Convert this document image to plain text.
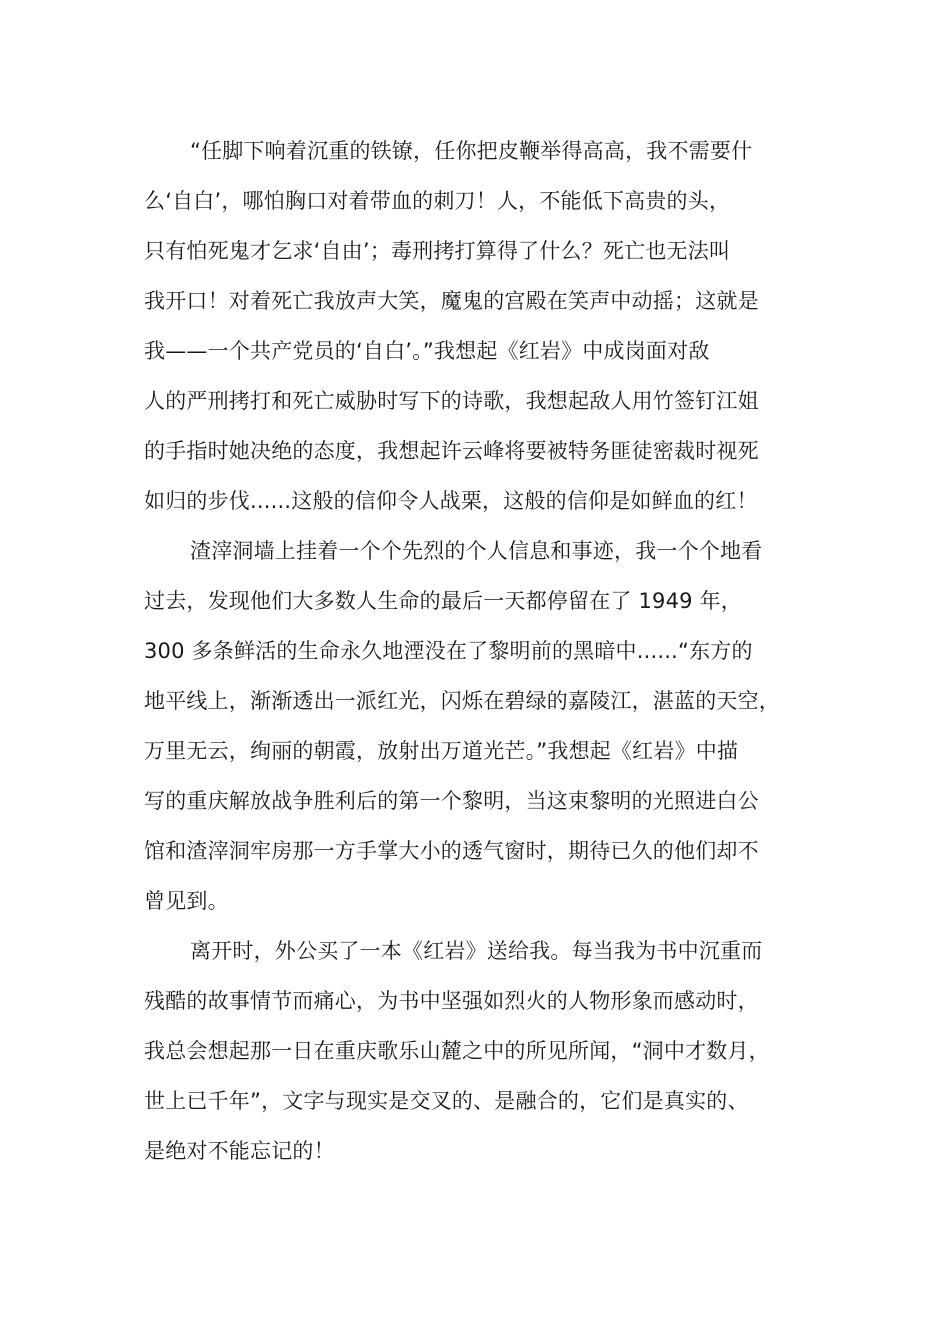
“任脚下响着沉重的铁镣，任你把皮鞭举得高高，我不需要什
么‘自白’，哪怕胸口对着带血的刺刀！人，不能低下高贵的头，
只有怕死鬼才乞求‘自由’；毒刑拷打算得了什么？死亡也无法叫
我开口！对着死亡我放声大笑，魔鬼的宫殿在笑声中动摇；这就是
我——一个共产党员的‘自白’。”我想起《红岩》中成岗面对敌
人的严刑拷打和死亡威胁时写下的诗歌，我想起敌人用竹签钉江姐
的手指时她决绝的态度，我想起许云峰将要被特务匪徒密裁时视死
如归的步伐......这般的信仰令人战栗，这般的信仰是如鲜血的红！
渣滓洞墙上挂着一个个先烈的个人信息和事迹，我一个个地看
过去，发现他们大多数人生命的最后一天都停留在了 1949 年，
300 多条鲜活的生命永久地湮没在了黎明前的黑暗中......“东方的
地平线上，渐渐透出一派红光，闪烁在碧绿的嘉陵江，湛蓝的天空，
万里无云，绚丽的朝霞，放射出万道光芒。”我想起《红岩》中描
写的重庆解放战争胜利后的第一个黎明，当这束黎明的光照进白公
馆和渣滓洞牢房那一方手掌大小的透气窗时，期待已久的他们却不
曾见到。
离开时，外公买了一本《红岩》送给我。每当我为书中沉重而
残酷的故事情节而痛心，为书中坚强如烈火的人物形象而感动时，
我总会想起那一日在重庆歌乐山麓之中的所见所闻，“洞中才数月，
世上已千年”，文字与现实是交叉的、是融合的，它们是真实的、
是绝对不能忘记的！
